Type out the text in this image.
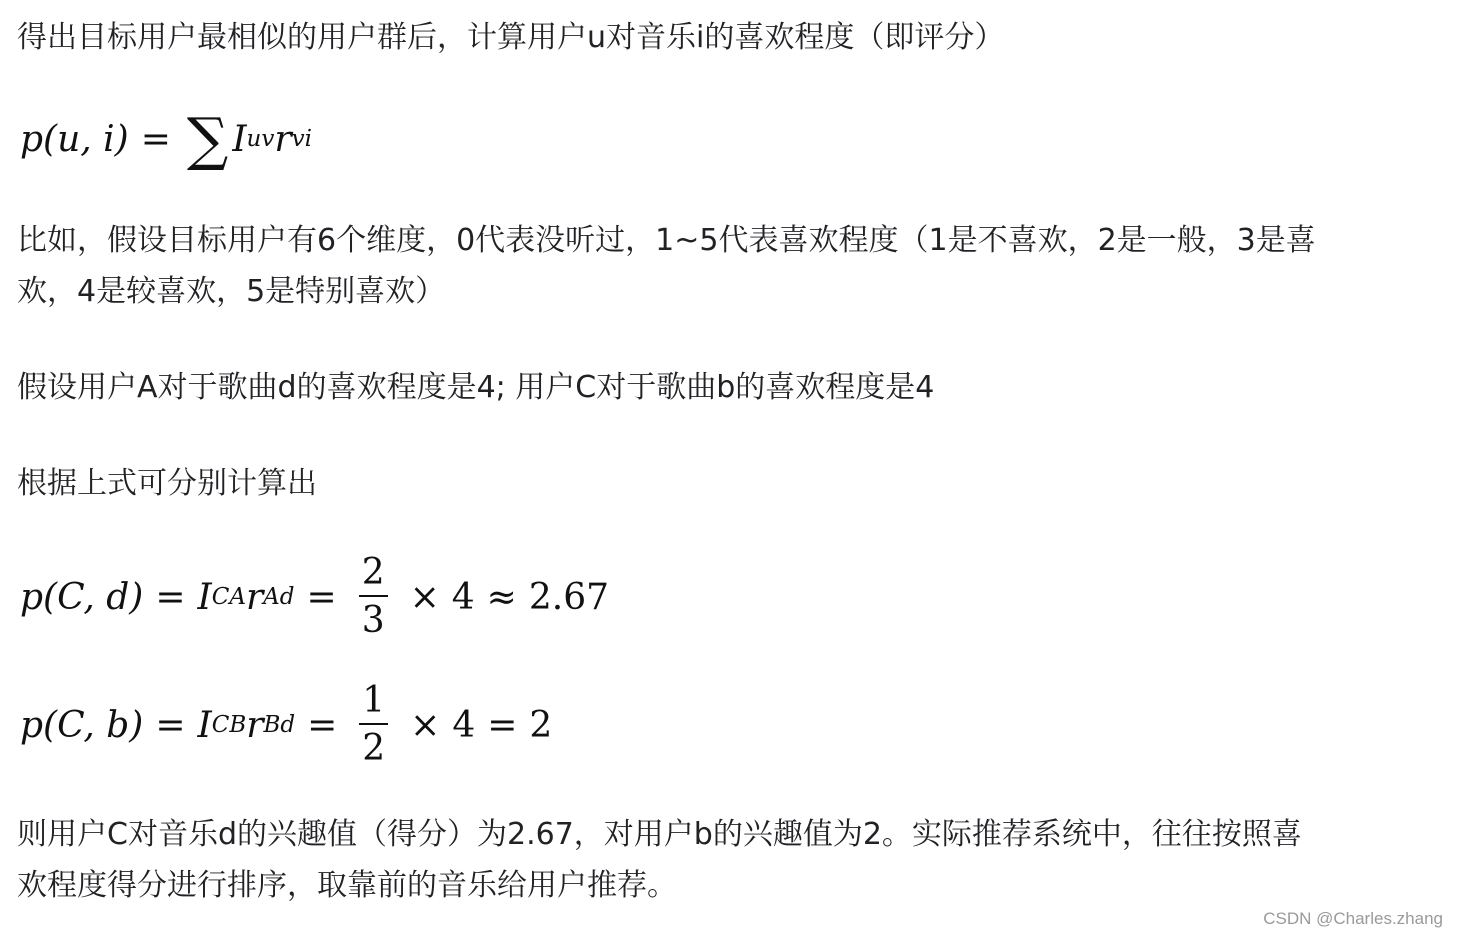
得出目标用户最相似的用户群后，计算用户u对音乐i的喜欢程度（即评分）
p(u, i) = ∑ I uv r vi
比如，假设目标用户有6个维度，0代表没听过，1~5代表喜欢程度（1是不喜欢，2是一般，3是喜
欢，4是较喜欢，5是特别喜欢）
假设用户A对于歌曲d的喜欢程度是4; 用户C对于歌曲b的喜欢程度是4
根据上式可分别计算出
p(C, d) = I CA r $Ad = \frac{2}{3} \times 4 \approx 2.67$
p(C, b) = I CB r $Bd = \frac{1}{2} \times 4 = 2$
则用户C对音乐d的兴趣值（得分）为2.67，对用户b的兴趣值为2。实际推荐系统中，往往按照喜
欢程度得分进行排序，取靠前的音乐给用户推荐。
CSDN @Charles.zhang
